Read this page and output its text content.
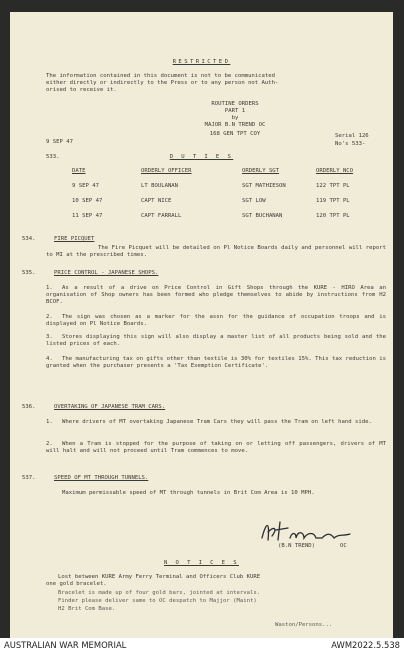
RESTRICTED
The information contained in this document is not to be communicated
either directly or indirectly to the Press or to any person not Auth-
orised to receive it.
ROUTINE ORDERS
PART 1
by
MAJOR B.N TREND OC
168 GEN TPT COY
9 SEP 47
Serial 126
No's 533-
533.	D U T I E S
DATE	ORDERLY OFFICER	ORDERLY SGT	ORDERLY NCO
9 SEP 47	LT BOULANAN	SGT MATHIESON	122 TPT PL
10 SEP 47	CAPT NICE	SGT LOW	119 TPT PL
11 SEP 47	CAPT FARRALL	SGT BUCHANAN	120 TPT PL
534.	FIRE PICQUET
The Fire Picquet will be detailed on Pl Notice Boards daily and personnel will report to MI at the prescribed times.
535.	PRICE CONTROL - JAPANESE SHOPS.
1.	As a result of a drive on Price Control in Gift Shops through the KURE - HIRO Area an organisation of Shop owners has been formed who pledge themselves to abide by instructions from H2 BCOF.
2.	The sign was chosen as a marker for the assn for the guidance of occupation troops and is displayed on Pl Notice Boards.
3.	Stores displaying this sign will also display a master list of all products being sold and the listed prices of each.
4.	The manufacturing tax on gifts other than textile is 30% for textiles 15%. This tax reduction is granted when the purchaser presents a 'Tax Exemption Certificate'.
536.	OVERTAKING OF JAPANESE TRAM CARS.
1.	Where drivers of MT overtaking Japanese Tram Cars they will pass the Tram on left hand side.
2.	When a Tram is stopped for the purpose of taking on or letting off passengers, drivers of MT will halt and will not proceed until Tram commences to move.
537.	SPEED OF MT THROUGH TUNNELS.
Maximum permissable speed of MT through tunnels in Brit Com Area is 10 MPH.
(B.N TREND)	OC
N O T I C E S
Lost between KURE Army Ferry Terminal and Officers Club KURE
one gold bracelet.
Bracelet is made up of four gold bars, jointed at intervals.
Finder please deliver same to OC despatch to Majjor (Maint)
H2 Brit Com Base.
Waston/Persons...
AUSTRALIAN WAR MEMORIAL	AWM2022.5.538
